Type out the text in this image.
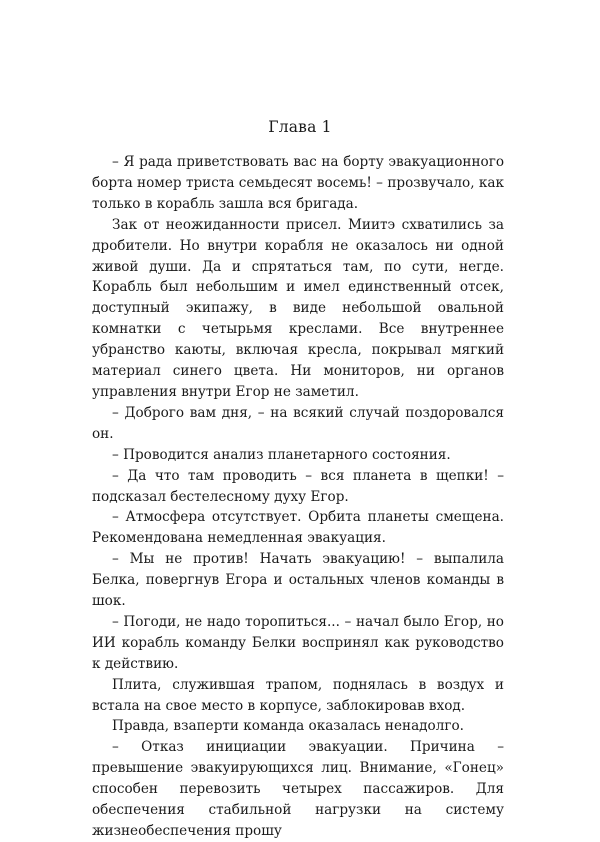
Глава 1

– Я рада приветствовать вас на борту эвакуационного борта номер триста семьдесят восемь! – прозвучало, как только в корабль зашла вся бригада.

Зак от неожиданности присел. Миитэ схватились за дробители. Но внутри корабля не оказалось ни одной живой души. Да и спрятаться там, по сути, негде. Корабль был небольшим и имел единственный отсек, доступный экипажу, в виде небольшой овальной комнатки с четырьмя креслами. Все внутреннее убранство каюты, включая кресла, покрывал мягкий материал синего цвета. Ни мониторов, ни органов управления внутри Егор не заметил.

– Доброго вам дня, – на всякий случай поздоровался он.

– Проводится анализ планетарного состояния.

– Да что там проводить – вся планета в щепки! – подсказал бестелесному духу Егор.

– Атмосфера отсутствует. Орбита планеты смещена. Рекомендована немедленная эвакуация.

– Мы не против! Начать эвакуацию! – выпалила Белка, повергнув Егора и остальных членов команды в шок.

– Погоди, не надо торопиться... – начал было Егор, но ИИ корабль команду Белки воспринял как руководство к действию.

Плита, служившая трапом, поднялась в воздух и встала на свое место в корпусе, заблокировав вход.

Правда, взаперти команда оказалась ненадолго.

– Отказ инициации эвакуации. Причина – превышение эвакуирующихся лиц. Внимание, «Гонец» способен перевозить четырех пассажиров. Для обеспечения стабильной нагрузки на систему жизнеобеспечения прошу
